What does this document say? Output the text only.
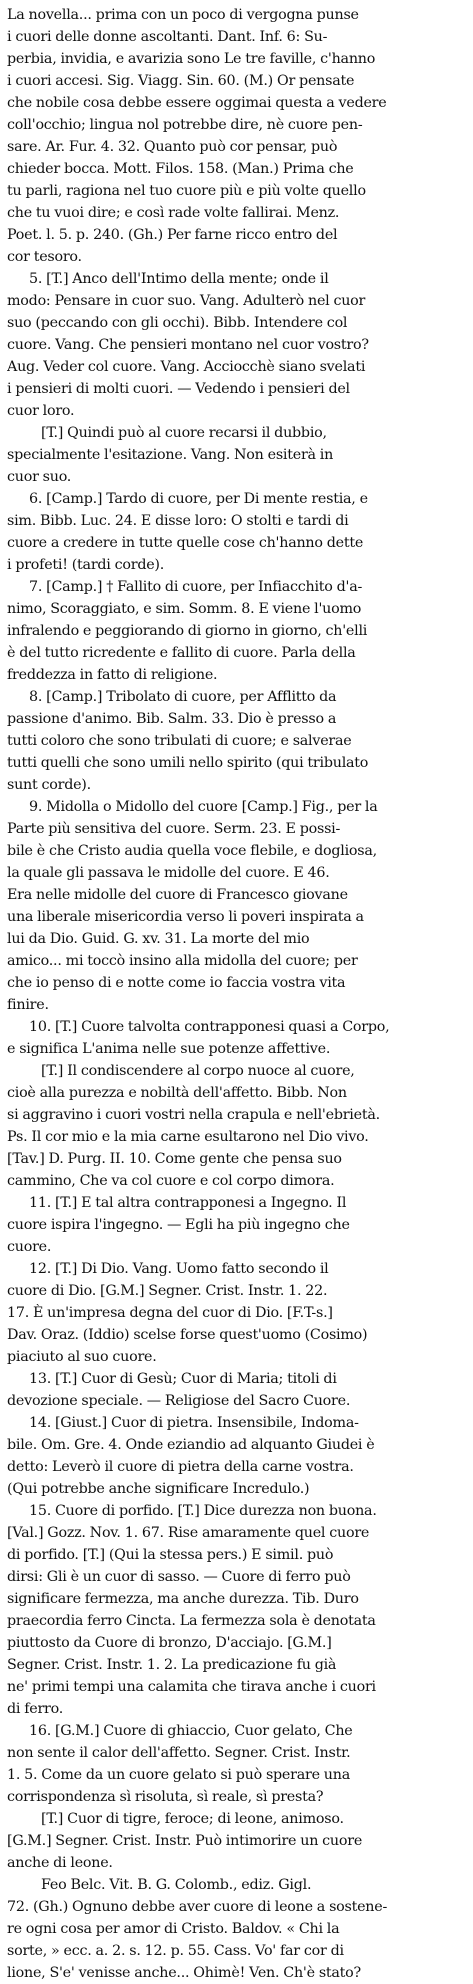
La novella... prima con un poco di vergogna punse
i cuori delle donne ascoltanti. Dant. Inf. 6: Su-
perbia, invidia, e avarizia sono Le tre faville, c'hanno
i cuori accesi. Sig. Viagg. Sin. 60. (M.) Or pensate
che nobile cosa debbe essere oggimai questa a vedere
coll'occhio; lingua nol potrebbe dire, nè cuore pen-
sare. Ar. Fur. 4. 32. Quanto può cor pensar, può
chieder bocca. Mott. Filos. 158. (Man.) Prima che
tu parli, ragiona nel tuo cuore più e più volte quello
che tu vuoi dire; e così rade volte fallirai. Menz.
Poet. l. 5. p. 240. (Gh.) Per farne ricco entro del
cor tesoro.
5. [T.] Anco dell'Intimo della mente; onde il
modo: Pensare in cuor suo. Vang. Adulterò nel cuor
suo (peccando con gli occhi). Bibb. Intendere col
cuore. Vang. Che pensieri montano nel cuor vostro?
Aug. Veder col cuore. Vang. Acciocchè siano svelati
i pensieri di molti cuori. — Vedendo i pensieri del
cuor loro.
[T.] Quindi può al cuore recarsi il dubbio,
specialmente l'esitazione. Vang. Non esiterà in
cuor suo.
6. [Camp.] Tardo di cuore, per Di mente restia, e
sim. Bibb. Luc. 24. E disse loro: O stolti e tardi di
cuore a credere in tutte quelle cose ch'hanno dette
i profeti! (tardi corde).
7. [Camp.] † Fallito di cuore, per Infiacchito d'a-
nimo, Scoraggiato, e sim. Somm. 8. E viene l'uomo
infralendo e peggiorando di giorno in giorno, ch'elli
è del tutto ricredente e fallito di cuore. Parla della
freddezza in fatto di religione.
8. [Camp.] Tribolato di cuore, per Afflitto da
passione d'animo. Bib. Salm. 33. Dio è presso a
tutti coloro che sono tribulati di cuore; e salverae
tutti quelli che sono umili nello spirito (qui tribulato
sunt corde).
9. Midolla o Midollo del cuore [Camp.] Fig., per la
Parte più sensitiva del cuore. Serm. 23. E possi-
bile è che Cristo audia quella voce flebile, e dogliosa,
la quale gli passava le midolle del cuore. E 46.
Era nelle midolle del cuore di Francesco giovane
una liberale misericordia verso li poveri inspirata a
lui da Dio. Guid. G. xv. 31. La morte del mio
amico... mi toccò insino alla midolla del cuore; per
che io penso di e notte come io faccia vostra vita
finire.
10. [T.] Cuore talvolta contrapponesi quasi a Corpo,
e significa L'anima nelle sue potenze affettive.
[T.] Il condiscendere al corpo nuoce al cuore,
cioè alla purezza e nobiltà dell'affetto. Bibb. Non
si aggravino i cuori vostri nella crapula e nell'ebrietà.
Ps. Il cor mio e la mia carne esultarono nel Dio vivo.
[Tav.] D. Purg. II. 10. Come gente che pensa suo
cammino, Che va col cuore e col corpo dimora.
11. [T.] E tal altra contrapponesi a Ingegno. Il
cuore ispira l'ingegno. — Egli ha più ingegno che
cuore.
12. [T.] Di Dio. Vang. Uomo fatto secondo il
cuore di Dio. [G.M.] Segner. Crist. Instr. 1. 22.
17. È un'impresa degna del cuor di Dio. [F.T-s.]
Dav. Oraz. (Iddio) scelse forse quest'uomo (Cosimo)
piaciuto al suo cuore.
13. [T.] Cuor di Gesù; Cuor di Maria; titoli di
devozione speciale. — Religiose del Sacro Cuore.
14. [Giust.] Cuor di pietra. Insensibile, Indoma-
bile. Om. Gre. 4. Onde eziandio ad alquanto Giudei è
detto: Leverò il cuore di pietra della carne vostra.
(Qui potrebbe anche significare Incredulo.)
15. Cuore di porfido. [T.] Dice durezza non buona.
[Val.] Gozz. Nov. 1. 67. Rise amaramente quel cuore
di porfido. [T.] (Qui la stessa pers.) E simil. può
dirsi: Gli è un cuor di sasso. — Cuore di ferro può
significare fermezza, ma anche durezza. Tib. Duro
praecordia ferro Cincta. La fermezza sola è denotata
piuttosto da Cuore di bronzo, D'acciajo. [G.M.]
Segner. Crist. Instr. 1. 2. La predicazione fu già
ne' primi tempi una calamita che tirava anche i cuori
di ferro.
16. [G.M.] Cuore di ghiaccio, Cuor gelato, Che
non sente il calor dell'affetto. Segner. Crist. Instr.
1. 5. Come da un cuore gelato si può sperare una
corrispondenza sì risoluta, sì reale, sì presta?
[T.] Cuor di tigre, feroce; di leone, animoso.
[G.M.] Segner. Crist. Instr. Può intimorire un cuore
anche di leone.
Feo Belc. Vit. B. G. Colomb., ediz. Gigl.
72. (Gh.) Ognuno debbe aver cuore di leone a sostene-
re ogni cosa per amor di Cristo. Baldov. « Chi la
sorte, » ecc. a. 2. s. 12. p. 55. Cass. Vo' far cor di
lione, S'e' venisse anche... Ohimè! Ven. Ch'è stato?
